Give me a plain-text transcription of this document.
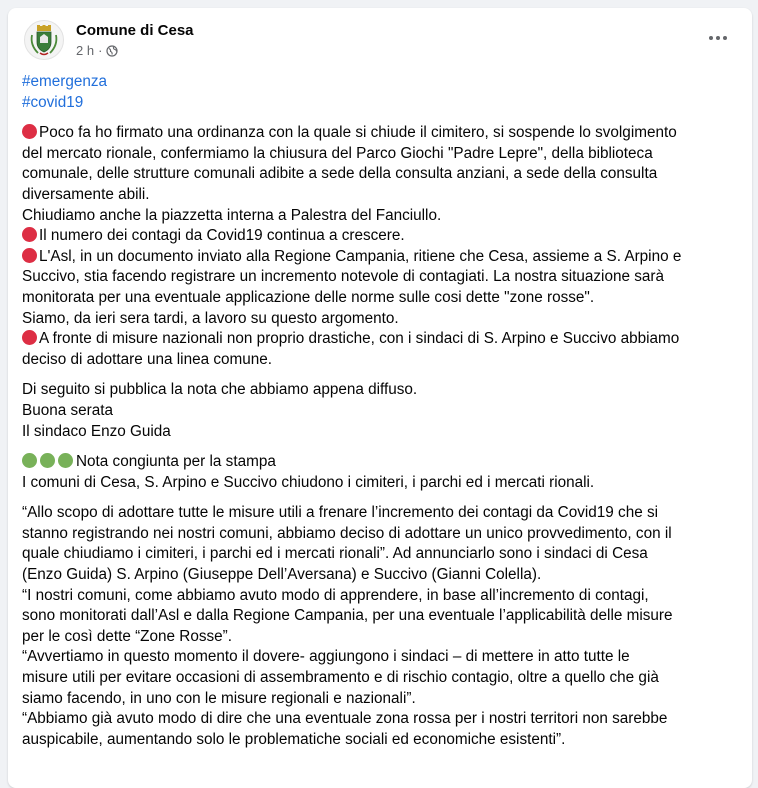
Comune di Cesa
2 h ·
#emergenza
#covid19
Poco fa ho firmato una ordinanza con la quale si chiude il cimitero, si sospende lo svolgimento
del mercato rionale, confermiamo la chiusura del Parco Giochi "Padre Lepre", della biblioteca
comunale, delle strutture comunali adibite a sede della consulta anziani, a sede della consulta
diversamente abili.
Chiudiamo anche la piazzetta interna a Palestra del Fanciullo.
Il numero dei contagi da Covid19 continua a crescere.
L'Asl, in un documento inviato alla Regione Campania, ritiene che Cesa, assieme a S. Arpino e
Succivo, stia facendo registrare un incremento notevole di contagiati. La nostra situazione sarà
monitorata per una eventuale applicazione delle norme sulle cosi dette "zone rosse".
Siamo, da ieri sera tardi, a lavoro su questo argomento.
A fronte di misure nazionali non proprio drastiche, con i sindaci di S. Arpino e Succivo abbiamo
deciso di adottare una linea comune.
Di seguito si pubblica la nota che abbiamo appena diffuso.
Buona serata
Il sindaco Enzo Guida
Nota congiunta per la stampa
I comuni di Cesa, S. Arpino e Succivo chiudono i cimiteri, i parchi ed i mercati rionali.
“Allo scopo di adottare tutte le misure utili a frenare l’incremento dei contagi da Covid19 che si
stanno registrando nei nostri comuni, abbiamo deciso di adottare un unico provvedimento, con il
quale chiudiamo i cimiteri, i parchi ed i mercati rionali”. Ad annunciarlo sono i sindaci di Cesa
(Enzo Guida) S. Arpino (Giuseppe Dell’Aversana) e Succivo (Gianni Colella).
“I nostri comuni, come abbiamo avuto modo di apprendere, in base all’incremento di contagi,
sono monitorati dall’Asl e dalla Regione Campania, per una eventuale l’applicabilità delle misure
per le così dette “Zone Rosse”.
“Avvertiamo in questo momento il dovere- aggiungono i sindaci – di mettere in atto tutte le
misure utili per evitare occasioni di assembramento e di rischio contagio, oltre a quello che già
siamo facendo, in uno con le misure regionali e nazionali”.
“Abbiamo già avuto modo di dire che una eventuale zona rossa per i nostri territori non sarebbe
auspicabile, aumentando solo le problematiche sociali ed economiche esistenti”.
